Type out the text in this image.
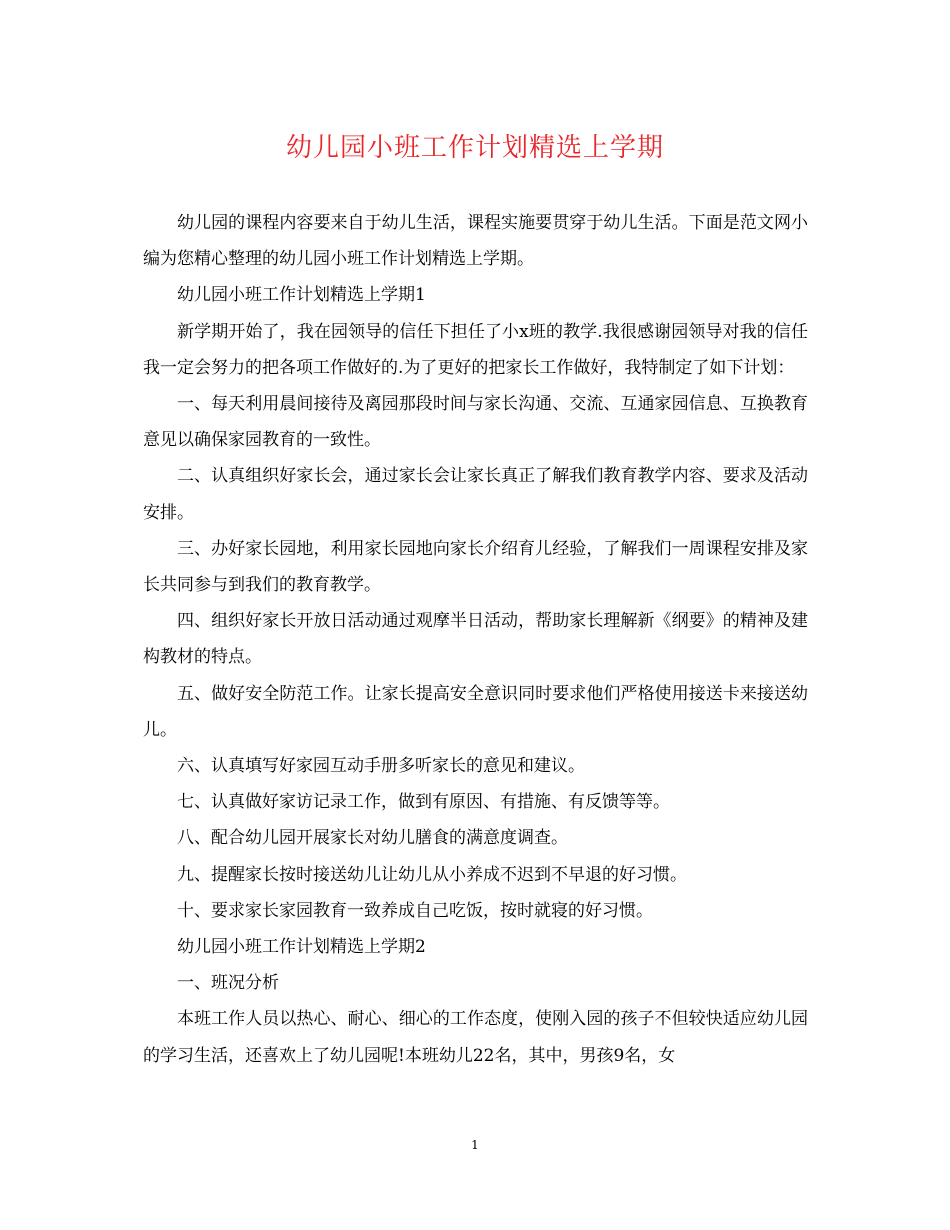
幼儿园小班工作计划精选上学期

幼儿园的课程内容要来自于幼儿生活，课程实施要贯穿于幼儿生活。下面是范文网小编为您精心整理的幼儿园小班工作计划精选上学期。

幼儿园小班工作计划精选上学期1

新学期开始了，我在园领导的信任下担任了小x班的教学.我很感谢园领导对我的信任我一定会努力的把各项工作做好的.为了更好的把家长工作做好，我特制定了如下计划：

一、每天利用晨间接待及离园那段时间与家长沟通、交流、互通家园信息、互换教育意见以确保家园教育的一致性。

二、认真组织好家长会，通过家长会让家长真正了解我们教育教学内容、要求及活动安排。

三、办好家长园地，利用家长园地向家长介绍育儿经验，了解我们一周课程安排及家长共同参与到我们的教育教学。

四、组织好家长开放日活动通过观摩半日活动，帮助家长理解新《纲要》的精神及建构教材的特点。

五、做好安全防范工作。让家长提高安全意识同时要求他们严格使用接送卡来接送幼儿。

六、认真填写好家园互动手册多听家长的意见和建议。

七、认真做好家访记录工作，做到有原因、有措施、有反馈等等。

八、配合幼儿园开展家长对幼儿膳食的满意度调查。

九、提醒家长按时接送幼儿让幼儿从小养成不迟到不早退的好习惯。

十、要求家长家园教育一致养成自己吃饭，按时就寝的好习惯。

幼儿园小班工作计划精选上学期2

一、班况分析

本班工作人员以热心、耐心、细心的工作态度，使刚入园的孩子不但较快适应幼儿园的学习生活，还喜欢上了幼儿园呢!本班幼儿22名，其中，男孩9名，女

1
